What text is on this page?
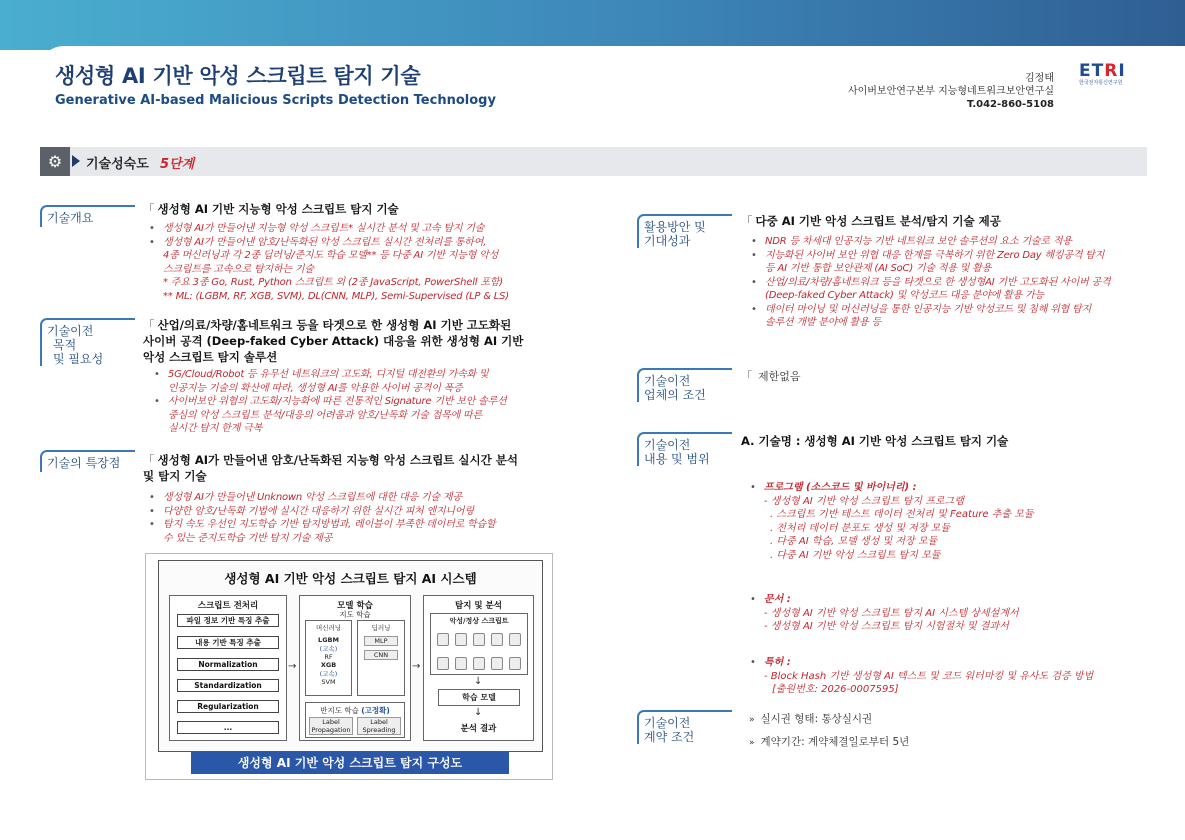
생성형 AI 기반 악성 스크립트 탐지 기술
Generative AI-based Malicious Scripts Detection Technology
김정태
사이버보안연구본부 지능형네트워크보안연구실
T.042-860-5108
ETRI
한국전자통신연구원
⚙	기술성숙도 5단계
기술개요
「 생성형 AI 기반 지능형 악성 스크립트 탐지 기술
• 생성형 AI가 만들어낸 지능형 악성 스크립트* 실시간 분석 및 고속 탐지 기술
• 생성형 AI가 만들어낸 암호/난독화된 악성 스크립트 실시간 전처리를 통하여,
4종 머신러닝과 각 2종 딥러닝/준지도 학습 모델** 등 다중 AI 기반 지능형 악성
스크립트를 고속으로 탐지하는 기술
* 주요 3종 Go, Rust, Python 스크립트 외 (2종 JavaScript, PowerShell 포함)
** ML: (LGBM, RF, XGB, SVM), DL(CNN, MLP), Semi-Supervised (LP & LS)
기술이전
목적
및 필요성
「 산업/의료/차량/홈네트워크 등을 타겟으로 한 생성형 AI 기반 고도화된
사이버 공격 (Deep-faked Cyber Attack) 대응을 위한 생성형 AI 기반
악성 스크립트 탐지 솔루션
• 5G/Cloud/Robot 등 유무선 네트워크의 고도화, 디지털 대전환의 가속화 및
인공지능 기술의 확산에 따라, 생성형 AI를 악용한 사이버 공격이 폭증
• 사이버보안 위협의 고도화/지능화에 따른 전통적인 Signature 기반 보안 솔루션
중심의 악성 스크립트 분석/대응의 어려움과 암호/난독화 기술 접목에 따른
실시간 탐지 한계 극복
기술의 특장점	「 생성형 AI가 만들어낸 암호/난독화된 지능형 악성 스크립트 실시간 분석
및 탐지 기술
• 생성형 AI가 만들어낸 Unknown 악성 스크립트에 대한 대응 기술 제공
• 다양한 암호/난독화 기법에 실시간 대응하기 위한 실시간 피처 엔지니어링
• 탐지 속도 우선인 지도학습 기반 탐지방법과, 레이블이 부족한 데이터로 학습할
수 있는 준지도학습 기반 탐지 기술 제공
생성형 AI 기반 악성 스크립트 탐지 AI 시스템
스크립트 전처리
파일 정보 기반 특징 추출
내용 기반 특징 추출
Normalization
Standardization
Regularization
...
→
모델 학습
지도 학습
머신러닝
LGBM
(고속)
RF
XGB
(고속)
SVM
딥러닝
MLP
CNN
반지도 학습 (고정확)
Label
Propagation
Label
Spreading
→
탐지 및 분석
악성/정상 스크립트
↓
학습 모델
↓
분석 결과
생성형 AI 기반 악성 스크립트 탐지 구성도
활용방안 및
기대성과
「 다중 AI 기반 악성 스크립트 분석/탐지 기술 제공
• NDR 등 차세대 인공지능 기반 네트워크 보안 솔루션의 요소 기술로 적용
• 지능화된 사이버 보안 위협 대응 한계를 극복하기 위한 Zero Day 해킹공격 탐지
등 AI 기반 통합 보안관제 (AI SoC) 기술 적용 및 활용
• 산업/의료/차량/홈네트워크 등을 타겟으로 한 생성형AI 기반 고도화된 사이버 공격
(Deep-faked Cyber Attack) 및 악성코드 대응 분야에 활용 가능
• 데이터 마이닝 및 머신러닝을 통한 인공지능 기반 악성코드 및 침해 위협 탐지
솔루션 개발 분야에 활용 등
기술이전
업체의 조건
「 제한없음
기술이전
내용 및 범위
A. 기술명 : 생성형 AI 기반 악성 스크립트 탐지 기술
• 프로그램 (소스코드 및 바이너리) :
- 생성형 AI 기반 악성 스크립트 탐지 프로그램
. 스크립트 기반 테스트 데이터 전처리 및 Feature 추출 모듈
. 전처리 데이터 분포도 생성 및 저장 모듈
. 다중 AI 학습, 모델 생성 및 저장 모듈
. 다중 AI 기반 악성 스크립트 탐지 모듈
• 문서 :
- 생성형 AI 기반 악성 스크립트 탐지 AI 시스템 상세설계서
- 생성형 AI 기반 악성 스크립트 탐지 시험절차 및 결과서
• 특허 :
- Block Hash 기반 생성형 AI 텍스트 및 코드 워터마킹 및 유사도 검증 방법
[출원번호: 2026-0007595]
기술이전
계약 조건
» 실시권 형태: 통상실시권
» 계약기간: 계약체결일로부터 5년
